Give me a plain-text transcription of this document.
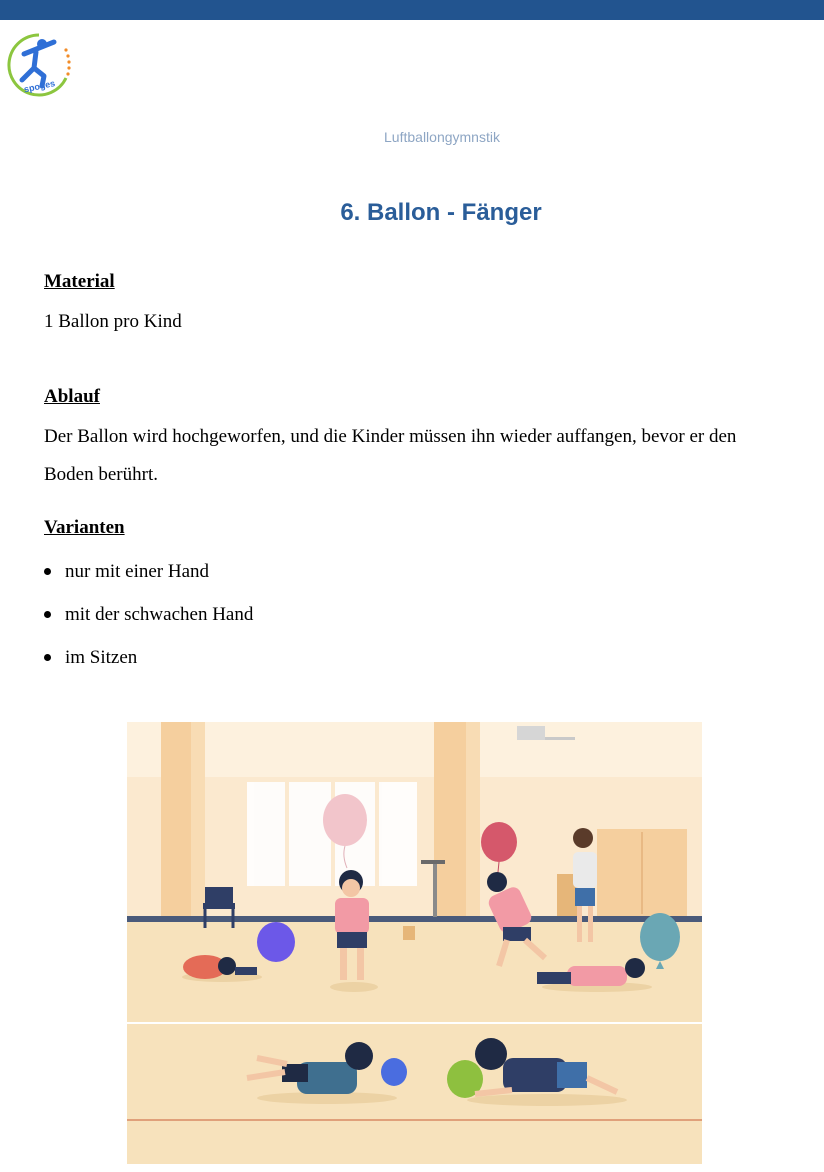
spoges
Luftballongymnstik
6. Ballon - Fänger
Material
1 Ballon pro Kind
Ablauf
Der Ballon wird hochgeworfen, und die Kinder müssen ihn wieder auffangen, bevor er den
Boden berührt.
Varianten
nur mit einer Hand
mit der schwachen Hand
im Sitzen
